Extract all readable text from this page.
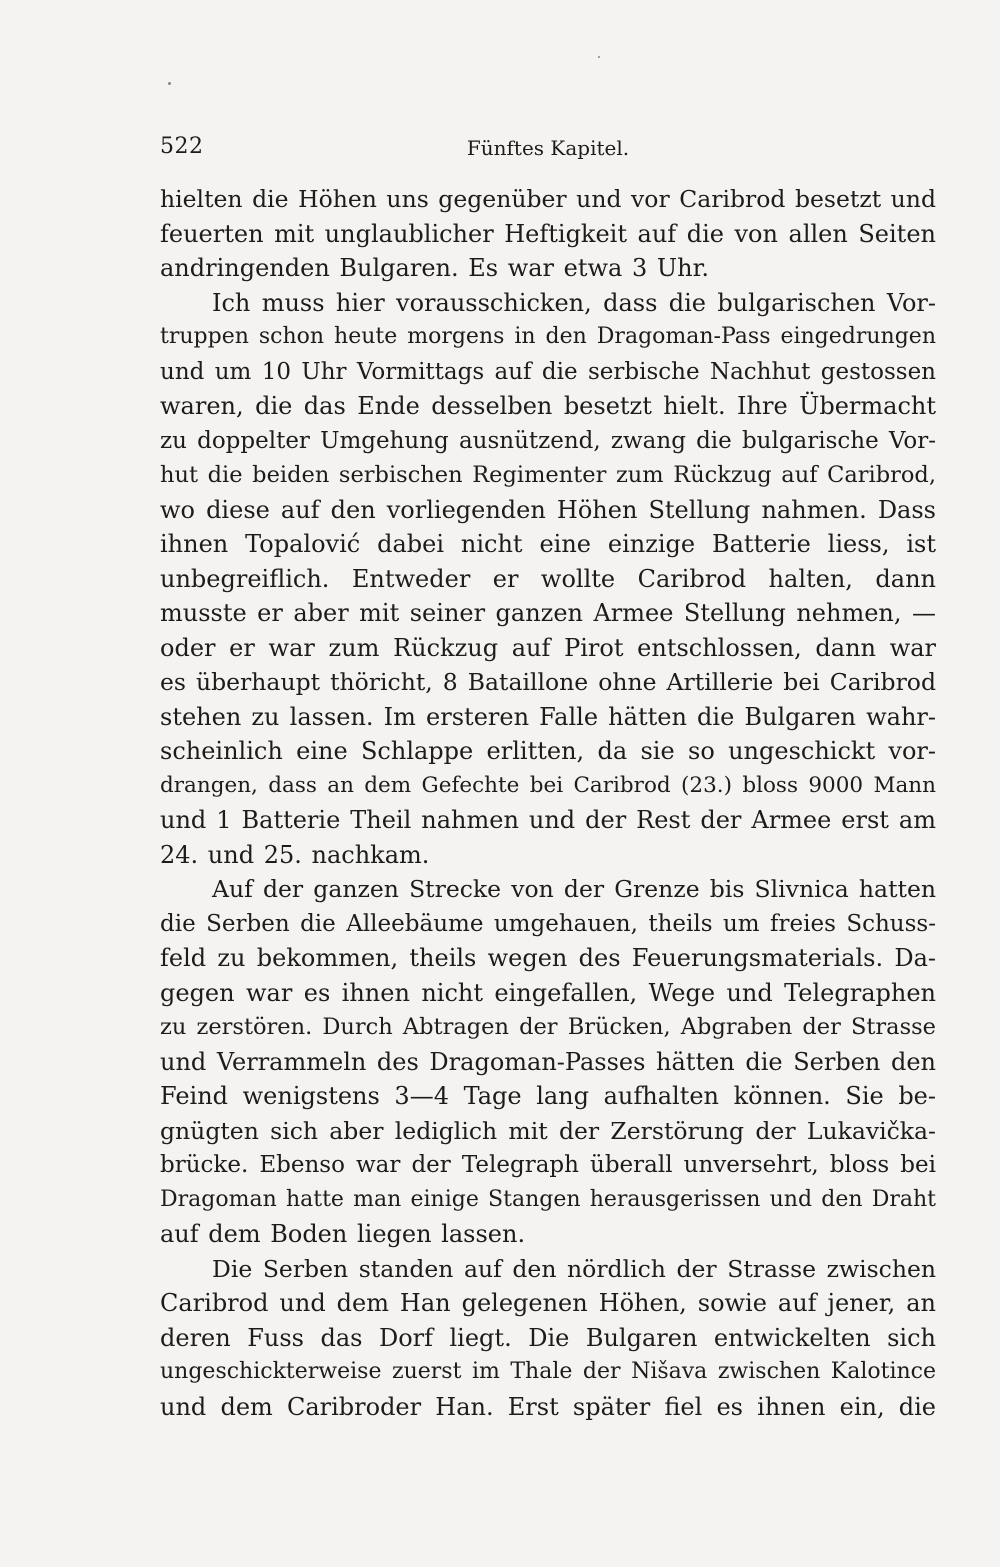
522	Fünftes Kapitel.
hielten die Höhen uns gegenüber und vor Caribrod besetzt und
feuerten mit unglaublicher Heftigkeit auf die von allen Seiten
andringenden Bulgaren. Es war etwa 3 Uhr.
Ich muss hier vorausschicken, dass die bulgarischen Vor-
truppen schon heute morgens in den Dragoman-Pass eingedrungen
und um 10 Uhr Vormittags auf die serbische Nachhut gestossen
waren, die das Ende desselben besetzt hielt. Ihre Übermacht
zu doppelter Umgehung ausnützend, zwang die bulgarische Vor-
hut die beiden serbischen Regimenter zum Rückzug auf Caribrod,
wo diese auf den vorliegenden Höhen Stellung nahmen. Dass
ihnen Topalović dabei nicht eine einzige Batterie liess, ist
unbegreiflich. Entweder er wollte Caribrod halten, dann
musste er aber mit seiner ganzen Armee Stellung nehmen, —
oder er war zum Rückzug auf Pirot entschlossen, dann war
es überhaupt thöricht, 8 Bataillone ohne Artillerie bei Caribrod
stehen zu lassen. Im ersteren Falle hätten die Bulgaren wahr-
scheinlich eine Schlappe erlitten, da sie so ungeschickt vor-
drangen, dass an dem Gefechte bei Caribrod (23.) bloss 9000 Mann
und 1 Batterie Theil nahmen und der Rest der Armee erst am
24. und 25. nachkam.
Auf der ganzen Strecke von der Grenze bis Slivnica hatten
die Serben die Alleebäume umgehauen, theils um freies Schuss-
feld zu bekommen, theils wegen des Feuerungsmaterials. Da-
gegen war es ihnen nicht eingefallen, Wege und Telegraphen
zu zerstören. Durch Abtragen der Brücken, Abgraben der Strasse
und Verrammeln des Dragoman-Passes hätten die Serben den
Feind wenigstens 3—4 Tage lang aufhalten können. Sie be-
gnügten sich aber lediglich mit der Zerstörung der Lukavička-
brücke. Ebenso war der Telegraph überall unversehrt, bloss bei
Dragoman hatte man einige Stangen herausgerissen und den Draht
auf dem Boden liegen lassen.
Die Serben standen auf den nördlich der Strasse zwischen
Caribrod und dem Han gelegenen Höhen, sowie auf jener, an
deren Fuss das Dorf liegt. Die Bulgaren entwickelten sich
ungeschickterweise zuerst im Thale der Nišava zwischen Kalotince
und dem Caribroder Han. Erst später fiel es ihnen ein, die
